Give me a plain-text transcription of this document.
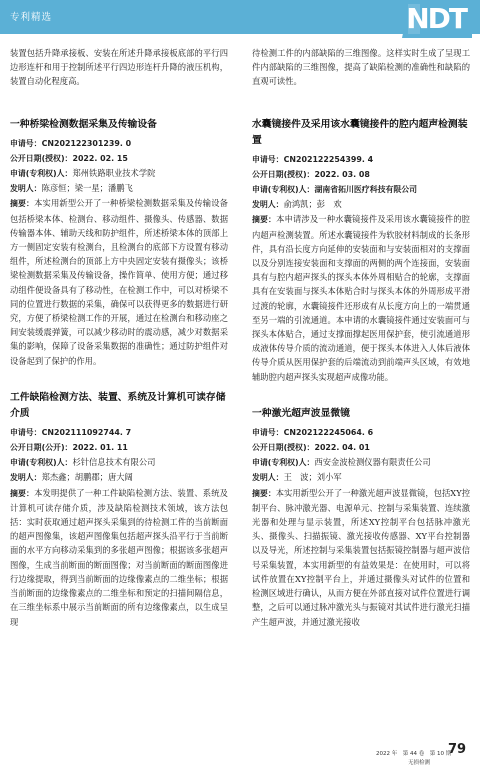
专利精选	NDT

装置包括升降承接板、安装在所述升降承接板底部的平行四边形连杆和用于控制所述平行四边形连杆升降的液压机构，装置自动化程度高。

一种桥梁检测数据采集及传输设备
申请号：CN202122301239. 0
公开日期(授权)：2022. 02. 15
申请(专利权)人：郑州铁路职业技术学院
发明人：陈彦恒；梁一星；潘鹏飞

摘要：本实用新型公开了一种桥梁检测数据采集及传输设备包括桥梁本体、检测台、移动组件、摄像头、传感器、数据传输器本体、辅助天线和防护组件，所述桥梁本体的顶部上方一侧固定安装有检测台，且检测台的底部下方设置有移动组件，所述检测台的顶部上方中央固定安装有摄像头；该桥梁检测数据采集及传输设备，操作简单、使用方便；通过移动组件便设备具有了移动性，在检测工作中，可以对桥梁不同的位置进行数据的采集，确保可以获得更多的数据进行研究，方便了桥梁检测工作的开展，通过在检测台和移动座之间安装缓震弹簧，可以减少移动时的震动感，减少对数据采集的影响，保障了设备采集数据的准确性；通过防护组件对设备起到了保护的作用。

工件缺陷检测方法、装置、系统及计算机可读存储介质
申请号：CN202111092744. 7
公开日期(公开)：2022. 01. 11
申请(专利权)人：杉针信息技术有限公司
发明人：郑杰鑫；胡鹏郡；唐大阔

摘要：本发明提供了一种工件缺陷检测方法、装置、系统及计算机可读存储介质，涉及缺陷检测技术领域，该方法包括：实时获取通过超声探头采集到的待检测工件的当前断面的超声图像集，该超声图像集包括超声探头沿平行于当前断面的水平方向移动采集到的多张超声图像；根据该多张超声图像，生成当前断面的断面图像；对当前断面的断面图像进行边缘提取，得到当前断面的边缘像素点的二维坐标；根据当前断面的边缘像素点的二维坐标和预定的扫描间隔信息，在三维坐标系中展示当前断面的所有边缘像素点，以生成呈现

待检测工件的内部缺陷的三维图像。这样实时生成了呈现工件内部缺陷的三维图像，提高了缺陷检测的准确性和缺陷的直观可读性。

水囊镜接件及采用该水囊镜接件的腔内超声检测装置
申请号：CN202122254399. 4
公开日期(授权)：2022. 03. 08
申请(专利权)人：湖南省拓川医疗科技有限公司
发明人：俞鸿凯；彭　欢

摘要：本申请涉及一种水囊镜接件及采用该水囊镜接件的腔内超声检测装置。所述水囊镜接件为软胶材料制成的长条形件，具有沿长度方向延伸的安装面和与安装面相对的支撑面以及分别连接安装面和支撑面的两侧的两个连接面，安装面具有与腔内超声探头的探头本体外周相贴合的轮廓，支撑面具有在安装面与探头本体贴合时与探头本体的外周形成平滑过渡的轮廓，水囊镜接件还形成有从长度方向上的一端贯通至另一端的引流通道。本申请的水囊镜接件通过安装面可与探头本体贴合，通过支撑面撑起医用保护套，使引流通道形成液体传导介质的流动通道，便于探头本体进入人体后液体传导介质从医用保护套的后端流动到前端声头区域，有效地辅助腔内超声探头实现超声成像功能。

一种激光超声波显微镜
申请号：CN202122245064. 6
公开日期(授权)：2022. 04. 01
申请(专利权)人：西安金波检测仪器有限责任公司
发明人：王　波；刘小军

摘要：本实用新型公开了一种激光超声波显微镜，包括XY控制平台、脉冲激光器、电源单元、控制与采集装置、连续激光器和处理与显示装置，所述XY控制平台包括脉冲激光头、摄像头、扫描振镜、激光接收传感器、XY平台控制器以及导光，所述控制与采集装置包括振镜控制器与超声波信号采集装置，本实用新型的有益效果是：在使用时，可以将试件放置在XY控制平台上，并通过摄像头对试件的位置和检测区域进行确认，从而方便在外部直接对试件位置进行调整，之后可以通过脉冲激光头与振镜对其试件进行激光扫描产生超声波，并通过激光接收

2022 年　第 44 卷　第 10 期
无损检测
79
